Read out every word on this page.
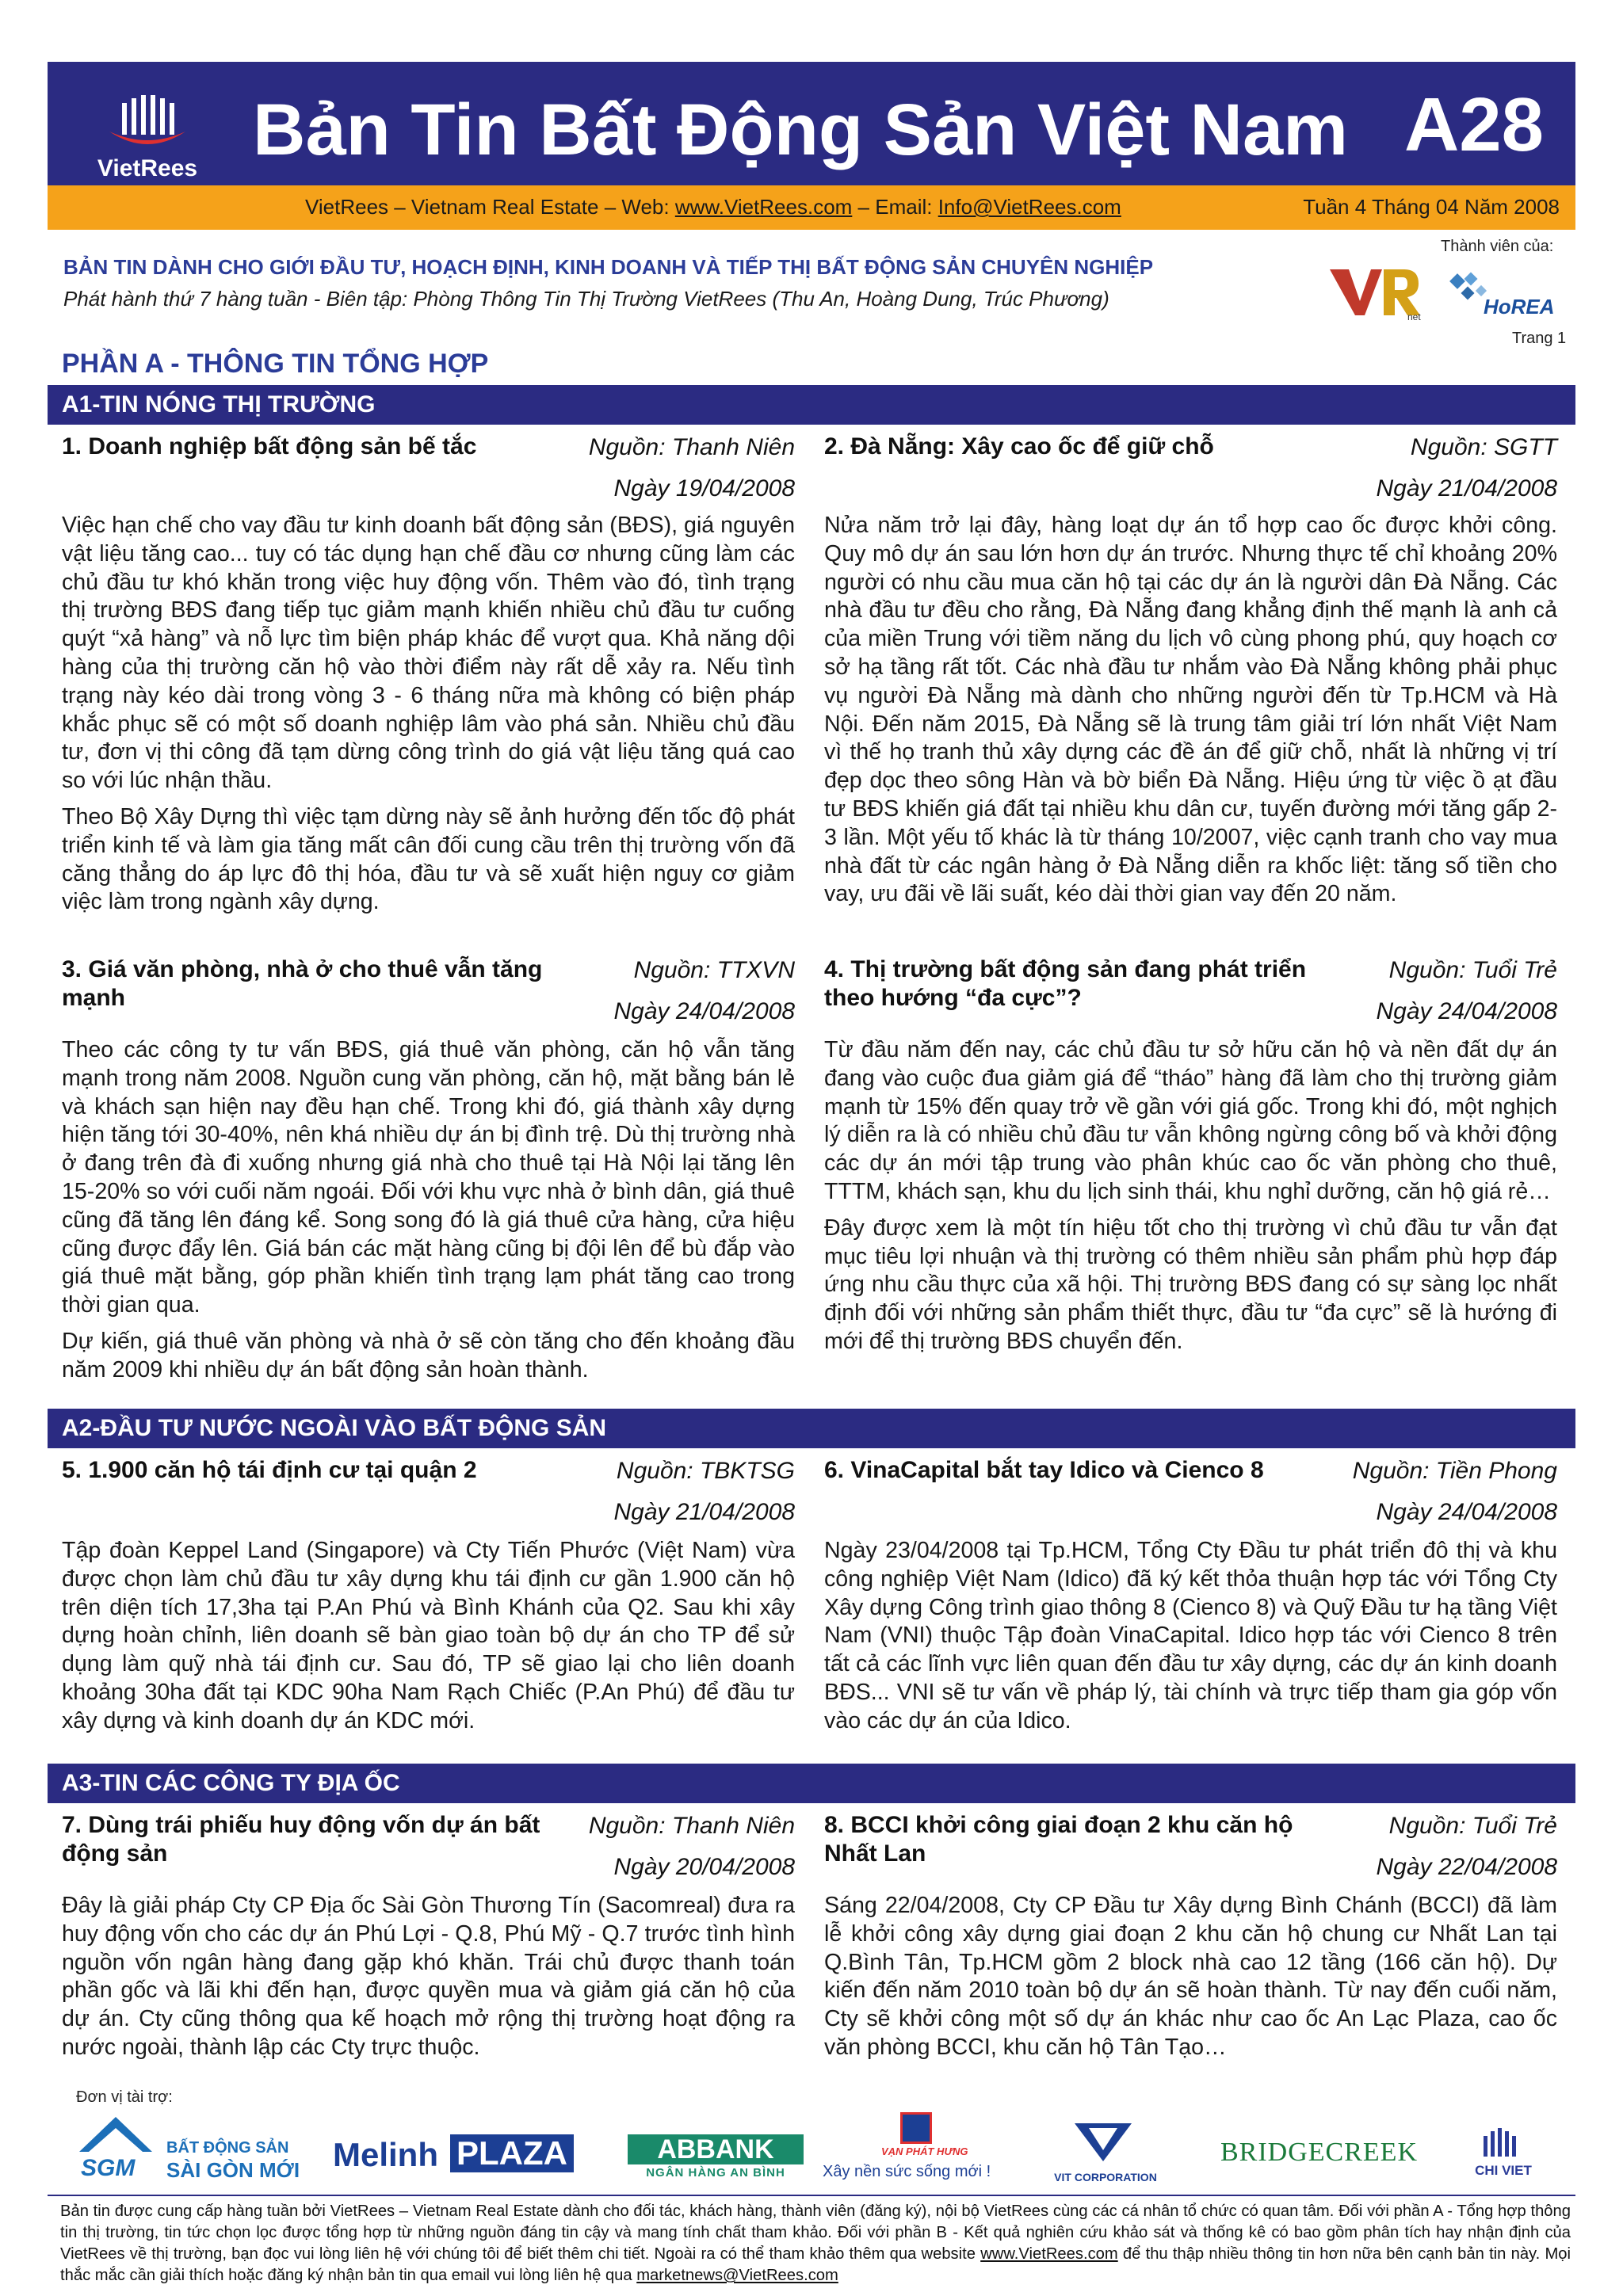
VietRees Bản Tin Bất Động Sản Việt Nam A28
VietRees – Vietnam Real Estate – Web: www.VietRees.com – Email: Info@VietRees.com	Tuần 4 Tháng 04 Năm 2008
BẢN TIN DÀNH CHO GIỚI ĐẦU TƯ, HOẠCH ĐỊNH, KINH DOANH VÀ TIẾP THỊ BẤT ĐỘNG SẢN CHUYÊN NGHIỆP
Phát hành thứ 7 hàng tuần - Biên tập: Phòng Thông Tin Thị Trường VietRees (Thu An, Hoàng Dung, Trúc Phương)
Thành viên của:
net	HoREA
Trang 1
PHẦN A - THÔNG TIN TỔNG HỢP
A1-TIN NÓNG THỊ TRƯỜNG
1. Doanh nghiệp bất động sản bế tắc	Nguồn: Thanh Niên
Ngày 19/04/2008

Việc hạn chế cho vay đầu tư kinh doanh bất động sản (BĐS), giá nguyên vật liệu tăng cao... tuy có tác dụng hạn chế đầu cơ nhưng cũng làm các chủ đầu tư khó khăn trong việc huy động vốn. Thêm vào đó, tình trạng thị trường BĐS đang tiếp tục giảm mạnh khiến nhiều chủ đầu tư cuống quýt “xả hàng” và nỗ lực tìm biện pháp khác để vượt qua. Khả năng dội hàng của thị trường căn hộ vào thời điểm này rất dễ xảy ra. Nếu tình trạng này kéo dài trong vòng 3 - 6 tháng nữa mà không có biện pháp khắc phục sẽ có một số doanh nghiệp lâm vào phá sản. Nhiều chủ đầu tư, đơn vị thi công đã tạm dừng công trình do giá vật liệu tăng quá cao so với lúc nhận thầu.

Theo Bộ Xây Dựng thì việc tạm dừng này sẽ ảnh hưởng đến tốc độ phát triển kinh tế và làm gia tăng mất cân đối cung cầu trên thị trường vốn đã căng thẳng do áp lực đô thị hóa, đầu tư và sẽ xuất hiện nguy cơ giảm việc làm trong ngành xây dựng.

2. Đà Nẵng: Xây cao ốc để giữ chỗ	Nguồn: SGTT
Ngày 21/04/2008

Nửa năm trở lại đây, hàng loạt dự án tổ hợp cao ốc được khởi công. Quy mô dự án sau lớn hơn dự án trước. Nhưng thực tế chỉ khoảng 20% người có nhu cầu mua căn hộ tại các dự án là người dân Đà Nẵng. Các nhà đầu tư đều cho rằng, Đà Nẵng đang khẳng định thế mạnh là anh cả của miền Trung với tiềm năng du lịch vô cùng phong phú, quy hoạch cơ sở hạ tầng rất tốt. Các nhà đầu tư nhắm vào Đà Nẵng không phải phục vụ người Đà Nẵng mà dành cho những người đến từ Tp.HCM và Hà Nội. Đến năm 2015, Đà Nẵng sẽ là trung tâm giải trí lớn nhất Việt Nam vì thế họ tranh thủ xây dựng các đề án để giữ chỗ, nhất là những vị trí đẹp dọc theo sông Hàn và bờ biển Đà Nẵng. Hiệu ứng từ việc ồ ạt đầu tư BĐS khiến giá đất tại nhiều khu dân cư, tuyến đường mới tăng gấp 2-3 lần. Một yếu tố khác là từ tháng 10/2007, việc cạnh tranh cho vay mua nhà đất từ các ngân hàng ở Đà Nẵng diễn ra khốc liệt: tăng số tiền cho vay, ưu đãi về lãi suất, kéo dài thời gian vay đến 20 năm.

3. Giá văn phòng, nhà ở cho thuê vẫn tăng mạnh
Nguồn: TTXVN
Ngày 24/04/2008

Theo các công ty tư vấn BĐS, giá thuê văn phòng, căn hộ vẫn tăng mạnh trong năm 2008. Nguồn cung văn phòng, căn hộ, mặt bằng bán lẻ và khách sạn hiện nay đều hạn chế. Trong khi đó, giá thành xây dựng hiện tăng tới 30-40%, nên khá nhiều dự án bị đình trệ. Dù thị trường nhà ở đang trên đà đi xuống nhưng giá nhà cho thuê tại Hà Nội lại tăng lên 15-20% so với cuối năm ngoái. Đối với khu vực nhà ở bình dân, giá thuê cũng đã tăng lên đáng kể. Song song đó là giá thuê cửa hàng, cửa hiệu cũng được đẩy lên. Giá bán các mặt hàng cũng bị đội lên để bù đắp vào giá thuê mặt bằng, góp phần khiến tình trạng lạm phát tăng cao trong thời gian qua.

Dự kiến, giá thuê văn phòng và nhà ở sẽ còn tăng cho đến khoảng đầu năm 2009 khi nhiều dự án bất động sản hoàn thành.

4. Thị trường bất động sản đang phát triển theo hướng “đa cực”?
Nguồn: Tuổi Trẻ
Ngày 24/04/2008

Từ đầu năm đến nay, các chủ đầu tư sở hữu căn hộ và nền đất dự án đang vào cuộc đua giảm giá để “tháo” hàng đã làm cho thị trường giảm mạnh từ 15% đến quay trở về gần với giá gốc. Trong khi đó, một nghịch lý diễn ra là có nhiều chủ đầu tư vẫn không ngừng công bố và khởi động các dự án mới tập trung vào phân khúc cao ốc văn phòng cho thuê, TTTM, khách sạn, khu du lịch sinh thái, khu nghỉ dưỡng, căn hộ giá rẻ…

Đây được xem là một tín hiệu tốt cho thị trường vì chủ đầu tư vẫn đạt mục tiêu lợi nhuận và thị trường có thêm nhiều sản phẩm phù hợp đáp ứng nhu cầu thực của xã hội. Thị trường BĐS đang có sự sàng lọc nhất định đối với những sản phẩm thiết thực, đầu tư “đa cực” sẽ là hướng đi mới để thị trường BĐS chuyển đến.

A2-ĐẦU TƯ NƯỚC NGOÀI VÀO BẤT ĐỘNG SẢN
5. 1.900 căn hộ tái định cư tại quận 2	Nguồn: TBKTSG
Ngày 21/04/2008

Tập đoàn Keppel Land (Singapore) và Cty Tiến Phước (Việt Nam) vừa được chọn làm chủ đầu tư xây dựng khu tái định cư gần 1.900 căn hộ trên diện tích 17,3ha tại P.An Phú và Bình Khánh của Q2. Sau khi xây dựng hoàn chỉnh, liên doanh sẽ bàn giao toàn bộ dự án cho TP để sử dụng làm quỹ nhà tái định cư. Sau đó, TP sẽ giao lại cho liên doanh khoảng 30ha đất tại KDC 90ha Nam Rạch Chiếc (P.An Phú) để đầu tư xây dựng và kinh doanh dự án KDC mới.

6. VinaCapital bắt tay Idico và Cienco 8	Nguồn: Tiền Phong
Ngày 24/04/2008

Ngày 23/04/2008 tại Tp.HCM, Tổng Cty Đầu tư phát triển đô thị và khu công nghiệp Việt Nam (Idico) đã ký kết thỏa thuận hợp tác với Tổng Cty Xây dựng Công trình giao thông 8 (Cienco 8) và Quỹ Đầu tư hạ tầng Việt Nam (VNI) thuộc Tập đoàn VinaCapital. Idico hợp tác với Cienco 8 trên tất cả các lĩnh vực liên quan đến đầu tư xây dựng, các dự án kinh doanh BĐS... VNI sẽ tư vấn về pháp lý, tài chính và trực tiếp tham gia góp vốn vào các dự án của Idico.

A3-TIN CÁC CÔNG TY ĐỊA ỐC
7. Dùng trái phiếu huy động vốn dự án bất động sản
Nguồn: Thanh Niên
Ngày 20/04/2008

Đây là giải pháp Cty CP Địa ốc Sài Gòn Thương Tín (Sacomreal) đưa ra huy động vốn cho các dự án Phú Lợi - Q.8, Phú Mỹ - Q.7 trước tình hình nguồn vốn ngân hàng đang gặp khó khăn. Trái chủ được thanh toán phần gốc và lãi khi đến hạn, được quyền mua và giảm giá căn hộ của dự án. Cty cũng thông qua kế hoạch mở rộng thị trường hoạt động ra nước ngoài, thành lập các Cty trực thuộc.

8. BCCI khởi công giai đoạn 2 khu căn hộ Nhất Lan
Nguồn: Tuổi Trẻ
Ngày 22/04/2008

Sáng 22/04/2008, Cty CP Đầu tư Xây dựng Bình Chánh (BCCI) đã làm lễ khởi công xây dựng giai đoạn 2 khu căn hộ chung cư Nhất Lan tại Q.Bình Tân, Tp.HCM gồm 2 block nhà cao 12 tầng (166 căn hộ). Dự kiến đến năm 2010 toàn bộ dự án sẽ hoàn thành. Từ nay đến cuối năm, Cty sẽ khởi công một số dự án khác như cao ốc An Lạc Plaza, cao ốc văn phòng BCCI, khu căn hộ Tân Tạo…

Đơn vị tài trợ:
SGM
BẤT ĐỘNG SẢN
SÀI GÒN MỚI Melinh PLAZA	ABBANK
NGÂN HÀNG AN BÌNH
VẠN PHÁT HƯNG
Xây nền sức sống mới !	VIT CORPORATION
BRIDGECREEK
CHI VIET
Bản tin được cung cấp hàng tuần bởi VietRees – Vietnam Real Estate dành cho đối tác, khách hàng, thành viên (đăng ký), nội bộ VietRees cùng các cá nhân tổ chức có quan tâm. Đối với phần A - Tổng hợp thông tin thị trường, tin tức chọn lọc được tổng hợp từ những nguồn đáng tin cậy và mang tính chất tham khảo. Đối với phần B - Kết quả nghiên cứu khảo sát và thống kê có bao gồm phân tích hay nhận định của VietRees về thị trường, bạn đọc vui lòng liên hệ với chúng tôi để biết thêm chi tiết. Ngoài ra có thể tham khảo thêm qua website www.VietRees.com để thu thập nhiều thông tin hơn nữa bên cạnh bản tin này. Mọi thắc mắc cần giải thích hoặc đăng ký nhận bản tin qua email vui lòng liên hệ qua marketnews@VietRees.com
